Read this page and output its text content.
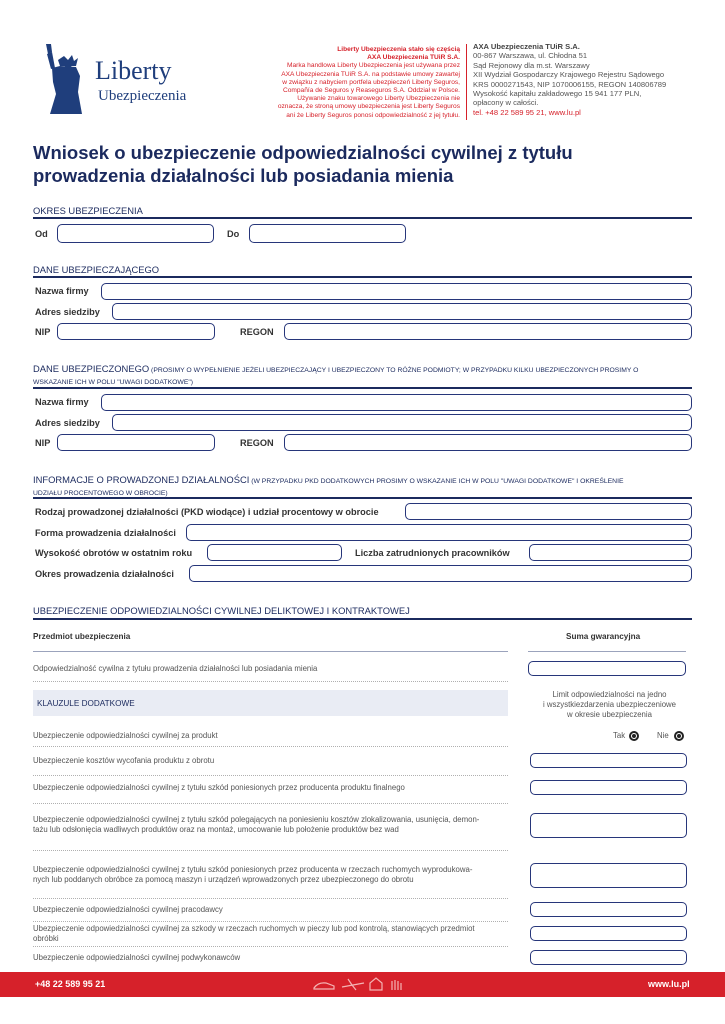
Liberty
Ubezpieczenia
Liberty Ubezpieczenia stało się częścią
AXA Ubezpieczenia TUiR S.A.
Marka handlowa Liberty Ubezpieczenia jest używana przez
AXA Ubezpieczenia TUiR S.A. na podstawie umowy zawartej
w związku z nabyciem portfela ubezpieczeń Liberty Seguros,
Compañía de Seguros y Reaseguros S.A. Oddział w Polsce.
Używanie znaku towarowego Liberty Ubezpieczenia nie
oznacza, że stroną umowy ubezpieczenia jest Liberty Seguros
ani że Liberty Seguros ponosi odpowiedzialność z jej tytułu.
AXA Ubezpieczenia TUiR S.A.
00-867 Warszawa, ul. Chłodna 51
Sąd Rejonowy dla m.st. Warszawy
XII Wydział Gospodarczy Krajowego Rejestru Sądowego
KRS 0000271543, NIP 1070006155, REGON 140806789
Wysokość kapitału zakładowego 15 941 177 PLN,
opłacony w całości.
tel. +48 22 589 95 21, www.lu.pl
Wniosek o ubezpieczenie odpowiedzialności cywilnej z tytułu
prowadzenia działalności lub posiadania mienia
OKRES UBEZPIECZENIA
Od	Do
DANE UBEZPIECZAJĄCEGO
Nazwa firmy
Adres siedziby
NIP	REGON
DANE UBEZPIECZONEGO (PROSIMY O WYPEŁNIENIE JEŻELI UBEZPIECZAJĄCY I UBEZPIECZONY TO RÓŻNE PODMIOTY; W PRZYPADKU KILKU UBEZPIECZONYCH PROSIMY O
WSKAZANIE ICH W POLU "UWAGI DODATKOWE")
Nazwa firmy
Adres siedziby
NIP	REGON
INFORMACJE O PROWADZONEJ DZIAŁALNOŚCI (W PRZYPADKU PKD DODATKOWYCH PROSIMY O WSKAZANIE ICH W POLU "UWAGI DODATKOWE" I OKREŚLENIE
UDZIAŁU PROCENTOWEGO W OBROCIE)
Rodzaj prowadzonej działalności (PKD wiodące) i udział procentowy w obrocie
Forma prowadzenia działalności
Wysokość obrotów w ostatnim roku	Liczba zatrudnionych pracowników
Okres prowadzenia działalności
UBEZPIECZENIE ODPOWIEDZIALNOŚCI CYWILNEJ DELIKTOWEJ I KONTRAKTOWEJ
Przedmiot ubezpieczenia	Suma gwarancyjna
Odpowiedzialność cywilna z tytułu prowadzenia działalności lub posiadania mienia
KLAUZULE DODATKOWE
Limit odpowiedzialności na jedno
i wszystkiezdarzenia ubezpieczeniowe
w okresie ubezpieczenia
Ubezpieczenie odpowiedzialności cywilnej za produkt	Tak	Nie
Ubezpieczenie kosztów wycofania produktu z obrotu
Ubezpieczenie odpowiedzialności cywilnej z tytułu szkód poniesionych przez producenta produktu finalnego
Ubezpieczenie odpowiedzialności cywilnej z tytułu szkód polegających na poniesieniu kosztów zlokalizowania, usunięcia, demon-
tażu lub odsłonięcia wadliwych produktów oraz na montaż, umocowanie lub położenie produktów bez wad
Ubezpieczenie odpowiedzialności cywilnej z tytułu szkód poniesionych przez producenta w rzeczach ruchomych wyprodukowa-
nych lub poddanych obróbce za pomocą maszyn i urządzeń wprowadzonych przez ubezpieczonego do obrotu
Ubezpieczenie odpowiedzialności cywilnej pracodawcy
Ubezpieczenie odpowiedzialności cywilnej za szkody w rzeczach ruchomych w pieczy lub pod kontrolą, stanowiących przedmiot
obróbki
Ubezpieczenie odpowiedzialności cywilnej podwykonawców
+48 22 589 95 21	www.lu.pl
